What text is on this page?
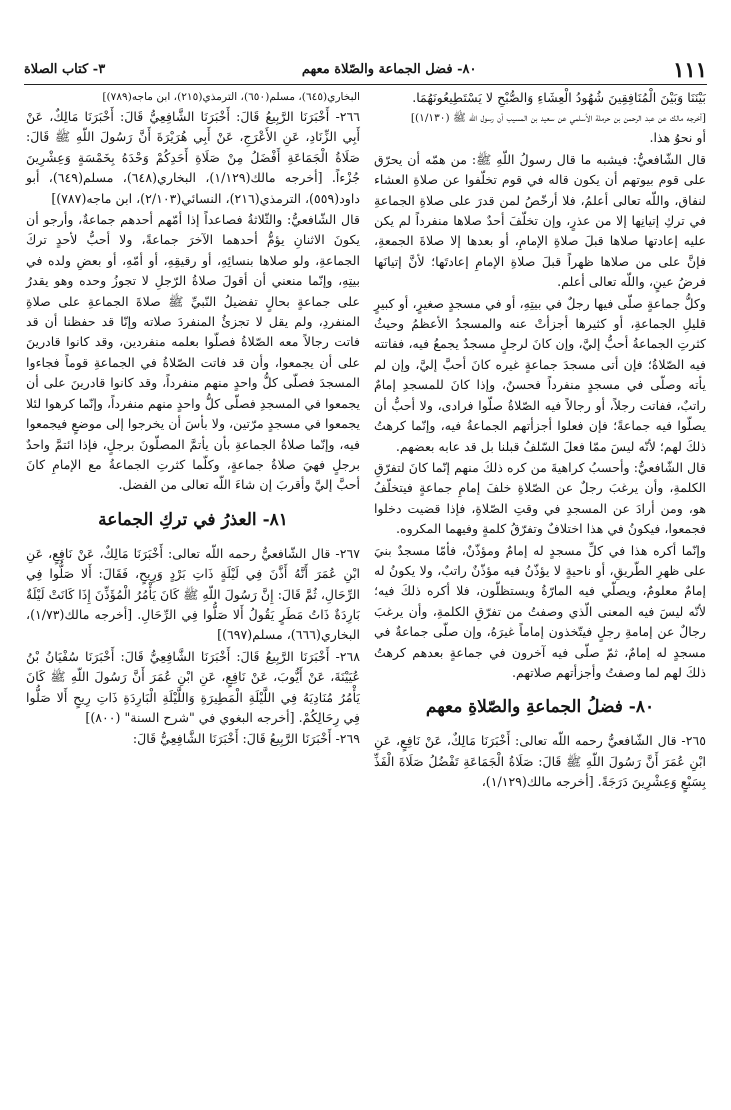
١١١
٨٠- فضل الجماعة والصّلاة معهم
٣- كتاب الصلاة

بَيْنَنَا وَبَيْنَ الْمُنَافِقِينَ شُهُودُ الْعِشَاءِ وَالصُّبْحِ لا يَسْتَطِيعُونَهُمَا.

[أخرجه مالك عن عبد الرحمن بن حرملة الأسلمي عن سعيد بن المسيب أن رسول الله ﷺ (١/١٣٠)]

أو نحوُ هذا.

قال الشّافعيُّ: فيشبه ما قال رسولُ اللّهِ ﷺ: من همّه أن يحرّق على قوم بيوتهم أن يكون قاله في قوم تخلّفوا عن صلاةِ العشاء لنفاق، واللّه تعالى أعلمُ، فلا أرخّصُ لمن قدرَ على صلاةِ الجماعةِ في تركِ إتيانِها إلا من عذرٍ، وإن تخلّفَ أحدٌ صلاها منفرداً لم يكن عليه إعادتها صلاها قبلَ صلاةِ الإمامِ، أو بعدها إلا صلاةَ الجمعةِ، فإنَّ على من صلاها ظهراً قبلَ صلاةِ الإمامِ إعادتَها؛ لأنَّ إتيانَها فرضُ عينٍ، واللّه تعالى أعلم.

وكلُّ جماعةٍ صلّى فيها رجلٌ في بيتِهِ، أو في مسجدٍ صغيرٍ، أو كبيرٍ قليلِ الجماعةِ، أو كثيرها أجزأتْ عنه والمسجدُ الأعظمُ وحيثُ كثرتِ الجماعةُ أحبُّ إليَّ، وإن كانَ لرجلٍ مسجدٌ يجمعُ فيه، ففاتته فيه الصّلاةُ؛ فإن أتى مسجدَ جماعةٍ غيره كانَ أحبَّ إليَّ، وإن لم يأته وصلّى في مسجدٍ منفرداً فحسنٌ، وإذا كانَ للمسجدِ إمامٌ راتبٌ، ففاتت رجلاً، أو رجالاً فيه الصّلاةُ صلّوا فرادى، ولا أحبُّ أن يصلّوا فيه جماعةً؛ فإن فعلوا أجزأتهم الجماعةُ فيه، وإنّما كرهتُ ذلكَ لهم؛ لأنّه ليسَ ممّا فعلَ السّلفُ قبلنا بل قد عابه بعضهم.

قال الشّافعيُّ: وأحسبُ كراهيةَ من كره ذلكَ منهم إنّما كانَ لتفرّقِ الكلمةِ، وأن يرغبَ رجلٌ عن الصّلاةِ خلفَ إمامِ جماعةٍ فيتخلّفُ هو، ومن أرادَ عن المسجدِ في وقتِ الصّلاةِ، فإذا قضيت دخلوا فجمعوا، فيكونُ في هذا اختلافٌ وتفرّقُ كلمةٍ وفيهما المكروه.

وإنّما أكره هذا في كلِّ مسجدٍ له إمامٌ ومؤذّنٌ، فأمّا مسجدٌ بنيَ على ظهرِ الطّريقِ، أو ناحيةٍ لا يؤذّنُ فيه مؤذّنٌ راتبٌ، ولا يكونُ له إمامٌ معلومٌ، ويصلّي فيه المارّةُ ويستظلّون، فلا أكره ذلكَ فيه؛ لأنّه ليسَ فيه المعنى الّذي وصفتُ من تفرّقِ الكلمةِ، وأن يرغبَ رجالٌ عن إمامةِ رجلٍ فيتّخذون إماماً غيرَهُ، وإن صلّى جماعةٌ في مسجدٍ له إمامٌ، ثمّ صلّى فيه آخرون في جماعةٍ بعدهم كرهتُ ذلكَ لهم لما وصفتُ وأجزأتهم صلاتهم.

٨٠- فضلُ الجماعةِ والصّلاةِ معهم

٢٦٥- قال الشّافعيُّ رحمه اللّه تعالى: أَخْبَرَنَا مَالِكٌ، عَنْ نَافِعٍ، عَنِ ابْنِ عُمَرَ أَنَّ رَسُولَ اللّهِ ﷺ قَالَ: صَلَاةُ الْجَمَاعَةِ تَفْضُلُ صَلَاةَ الْفَذِّ بِسَبْعٍ وَعِشْرِينَ دَرَجَةً. [أخرجه مالك(١/١٢٩)،

البخاري(٦٤٥)، مسلم(٦٥٠)، الترمذي(٢١٥)، ابن ماجه(٧٨٩)]

٢٦٦- أَخْبَرَنَا الرَّبِيعُ قَالَ: أَخْبَرَنَا الشَّافِعِيُّ قَالَ: أَخْبَرَنَا مَالِكٌ، عَنْ أَبِي الزِّنَادِ، عَنِ الأَعْرَجِ، عَنْ أَبِي هُرَيْرَةَ أَنَّ رَسُولَ اللّهِ ﷺ قَالَ: صَلَاةُ الْجَمَاعَةِ أَفْضَلُ مِنْ صَلَاةِ أَحَدِكُمْ وَحْدَهُ بِخَمْسَةٍ وَعِشْرِينَ جُزْءاً. [أخرجه مالك(١/١٢٩)، البخاري(٦٤٨)، مسلم(٦٤٩)، أبو داود(٥٥٩)، الترمذي(٢١٦)، النسائي(٢/١٠٣)، ابن ماجه(٧٨٧)]

قال الشّافعيُّ: والثّلاثةُ فصاعداً إذا أمّهم أحدهم جماعةٌ، وأرجو أن يكونَ الاثنانِ يؤمُّ أحدهما الآخرَ جماعةً، ولا أحبُّ لأحدٍ تركَ الجماعةِ، ولو صلاها بنسائِهِ، أو رقيقِهِ، أو أمّهِ، أو بعضِ ولده في بيتِهِ، وإنّما منعني أن أقولَ صلاةُ الرّجلِ لا تجوزُ وحده وهو يقدرُ على جماعةٍ بحالٍ تفضيلُ النّبيِّ ﷺ صلاةَ الجماعةِ على صلاةِ المنفردِ، ولم يقل لا تجزئُ المنفردَ صلاته وإنّا قد حفظنا أن قد فاتت رجالاً معه الصّلاةُ فصلّوا بعلمه منفردين، وقد كانوا قادرينَ على أن يجمعوا، وأن قد فاتت الصّلاةُ في الجماعةِ قوماً فجاءوا المسجدَ فصلّى كلُّ واحدٍ منهم منفرداً، وقد كانوا قادرينَ على أن يجمعوا في المسجدِ فصلّى كلُّ واحدٍ منهم منفرداً، وإنّما كرهوا لئلا يجمعوا في مسجدٍ مرّتين، ولا بأسَ أن يخرجوا إلى موضعٍ فيجمعوا فيه، وإنّما صلاةُ الجماعةِ بأن يأتمَّ المصلّونَ برجلٍ، فإذا ائتمَّ واحدٌ برجلٍ فهيَ صلاةُ جماعةٍ، وكلّما كثرتِ الجماعةُ مع الإمامِ كانَ أحبَّ إليَّ وأقربَ إن شاءَ اللّه تعالى من الفضل.

٨١- العذرُ في تركِ الجماعة

٢٦٧- قال الشّافعيُّ رحمه اللّه تعالى: أَخْبَرَنَا مَالِكٌ، عَنْ نَافِعٍ، عَنِ ابْنِ عُمَرَ أَنَّهُ أَذَّنَ فِي لَيْلَةٍ ذَاتِ بَرْدٍ وَرِيحٍ، فَقَالَ: أَلا صَلُّوا فِي الرِّحَالِ، ثُمَّ قَالَ: إِنَّ رَسُولَ اللّهِ ﷺ كَانَ يَأْمُرُ الْمُؤَذِّنَ إِذَا كَانَتْ لَيْلَةٌ بَارِدَةٌ ذَاتُ مَطَرٍ يَقُولُ أَلا صَلُّوا فِي الرِّحَالِ. [أخرجه مالك(١/٧٣)، البخاري(٦٦٦)، مسلم(٦٩٧)]

٢٦٨- أَخْبَرَنَا الرَّبِيعُ قَالَ: أَخْبَرَنَا الشَّافِعِيُّ قَالَ: أَخْبَرَنَا سُفْيَانُ بْنُ عُيَيْنَةَ، عَنْ أَيُّوبَ، عَنْ نَافِعٍ، عَنِ ابْنِ عُمَرَ أَنَّ رَسُولَ اللّهِ ﷺ كَانَ يَأْمُرُ مُنَادِيَهُ فِي اللَّيْلَةِ الْمَطِيرَةِ وَاللَّيْلَةِ الْبَارِدَةِ ذَاتِ رِيحٍ أَلا صَلُّوا فِي رِحَالِكُمْ. [أخرجه البغوي في "شرح السنة" (٨٠٠)]

٢٦٩- أَخْبَرَنَا الرَّبِيعُ قَالَ: أَخْبَرَنَا الشَّافِعِيُّ قَالَ:
